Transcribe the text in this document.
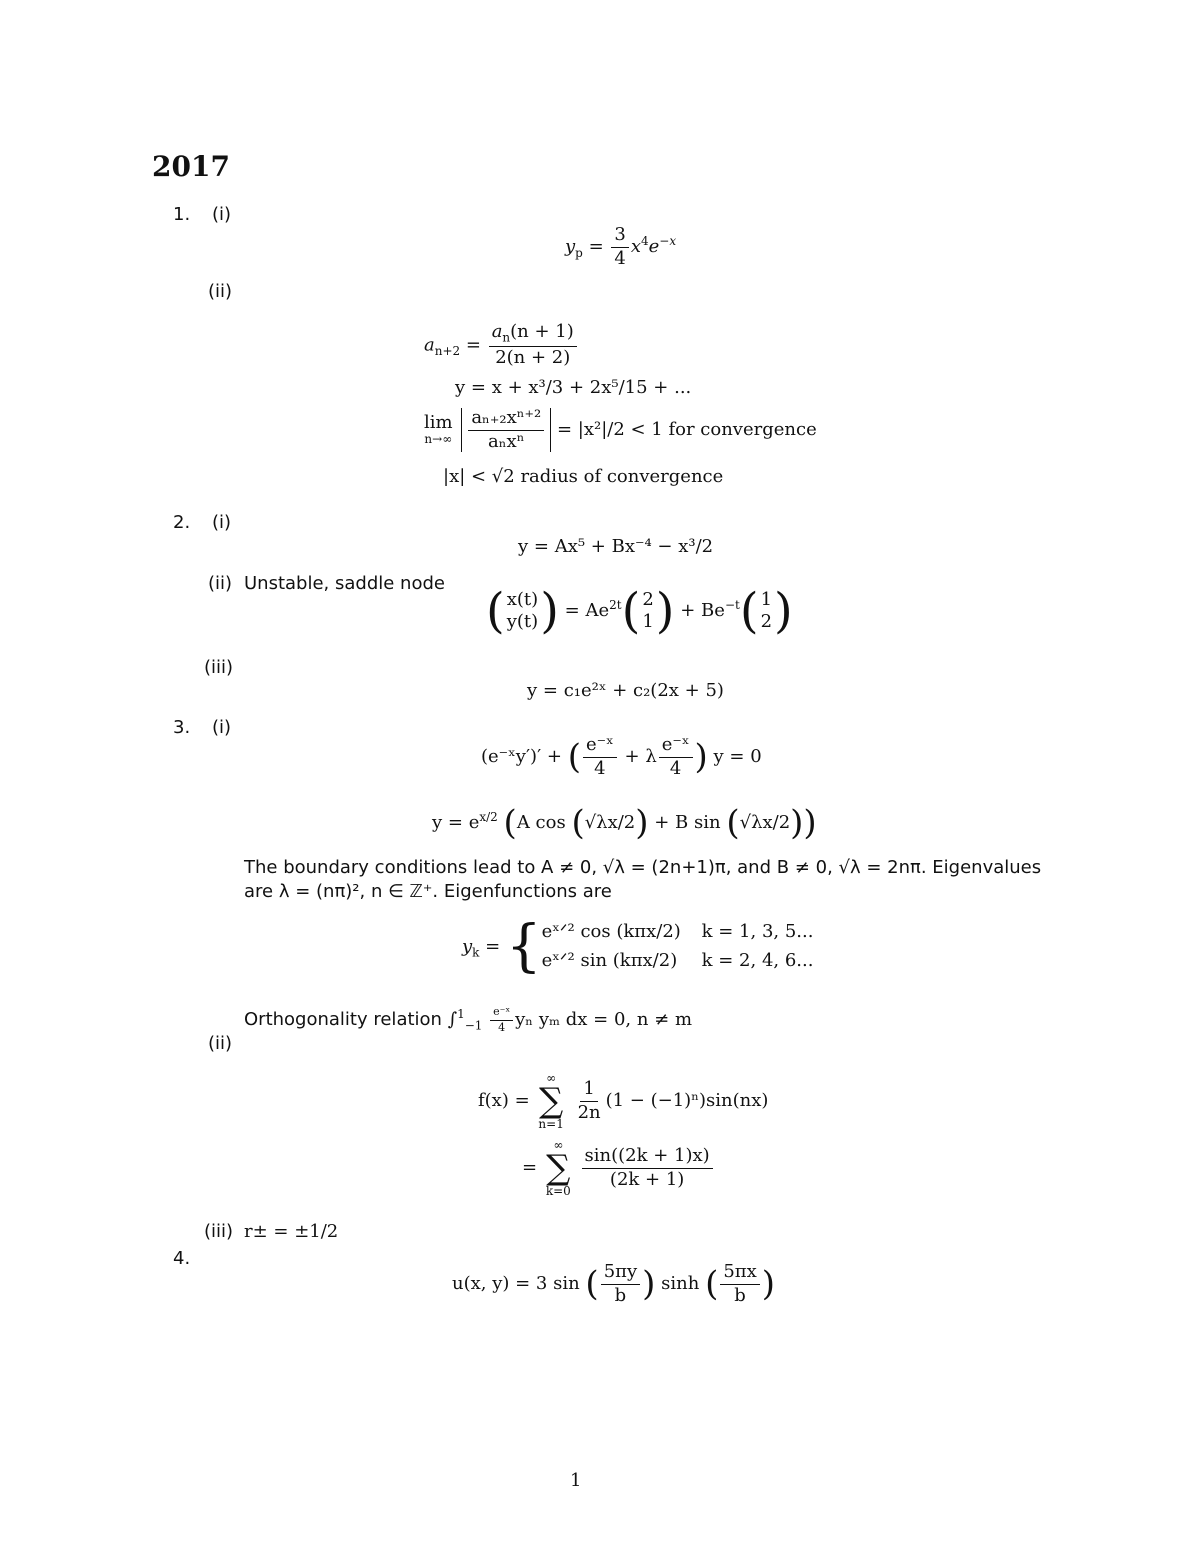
2017
1. (i)
$y_p = \frac{3}{4} x^4e^{-x}$
(ii)
$a_{n+2} = \frac{a_n(n + 1)}{2(n + 2)}$
y = x + x³/3 + 2x⁵/15 + ...
lim
n→∞
$\frac{\text{aₙ₊₂xⁿ⁺²}}{\text{aₙxⁿ}} = |x^2|/2 < 1$ for convergence
|x| < √2 radius of convergence
2. (i)
y = Ax⁵ + Bx⁻⁴ − x³/2
(ii) Unstable, saddle node ( x(t)
y(t) ) = $Ae^{2t}$( 2
1 ) + $Be^{-t}$( 1
2 )
(iii)
y = c₁e²ˣ + c₂(2x + 5)
3. (i)
(e⁻ˣy′)′ + ( $\frac{\text{e⁻ˣ}}{4} + \lambda \frac{\text{e⁻ˣ}}{4}$ ) y = 0
$y = e^{x/2}$ (A cos (√λx/2) + B sin (√λx/2))
The boundary conditions lead to A ≠ 0, √λ = (2n+1)π, and B ≠ 0, √λ = 2nπ. Eigenvalues
are λ = (nπ)², n ∈ ℤ⁺. Eigenfunctions are
$y_k$ = { eˣᐟ² cos (kπx/2)	k = 1, 3, 5...
eˣᐟ² sin (kπx/2)	k = 2, 4, 6...
Orthogonality relation $\int^1_{-1} \frac{\text{e⁻ˣ}}{4}$ yₙ yₘ dx = 0, n ≠ m
(ii)
f(x) =
∞
∑
n=1

$\frac{1}{2n} (1 - (-1)^n)\sin(nx)$
=
∞
∑
k=0

$\frac{\sin((2k + 1)x)}{(2k + 1)}$
(iii) r± = ±1/2
4.
u(x, y) = 3 sin ( $\frac{5\pi y}{b}$ ) sinh ( $\frac{5\pi x}{b}$ )
1
